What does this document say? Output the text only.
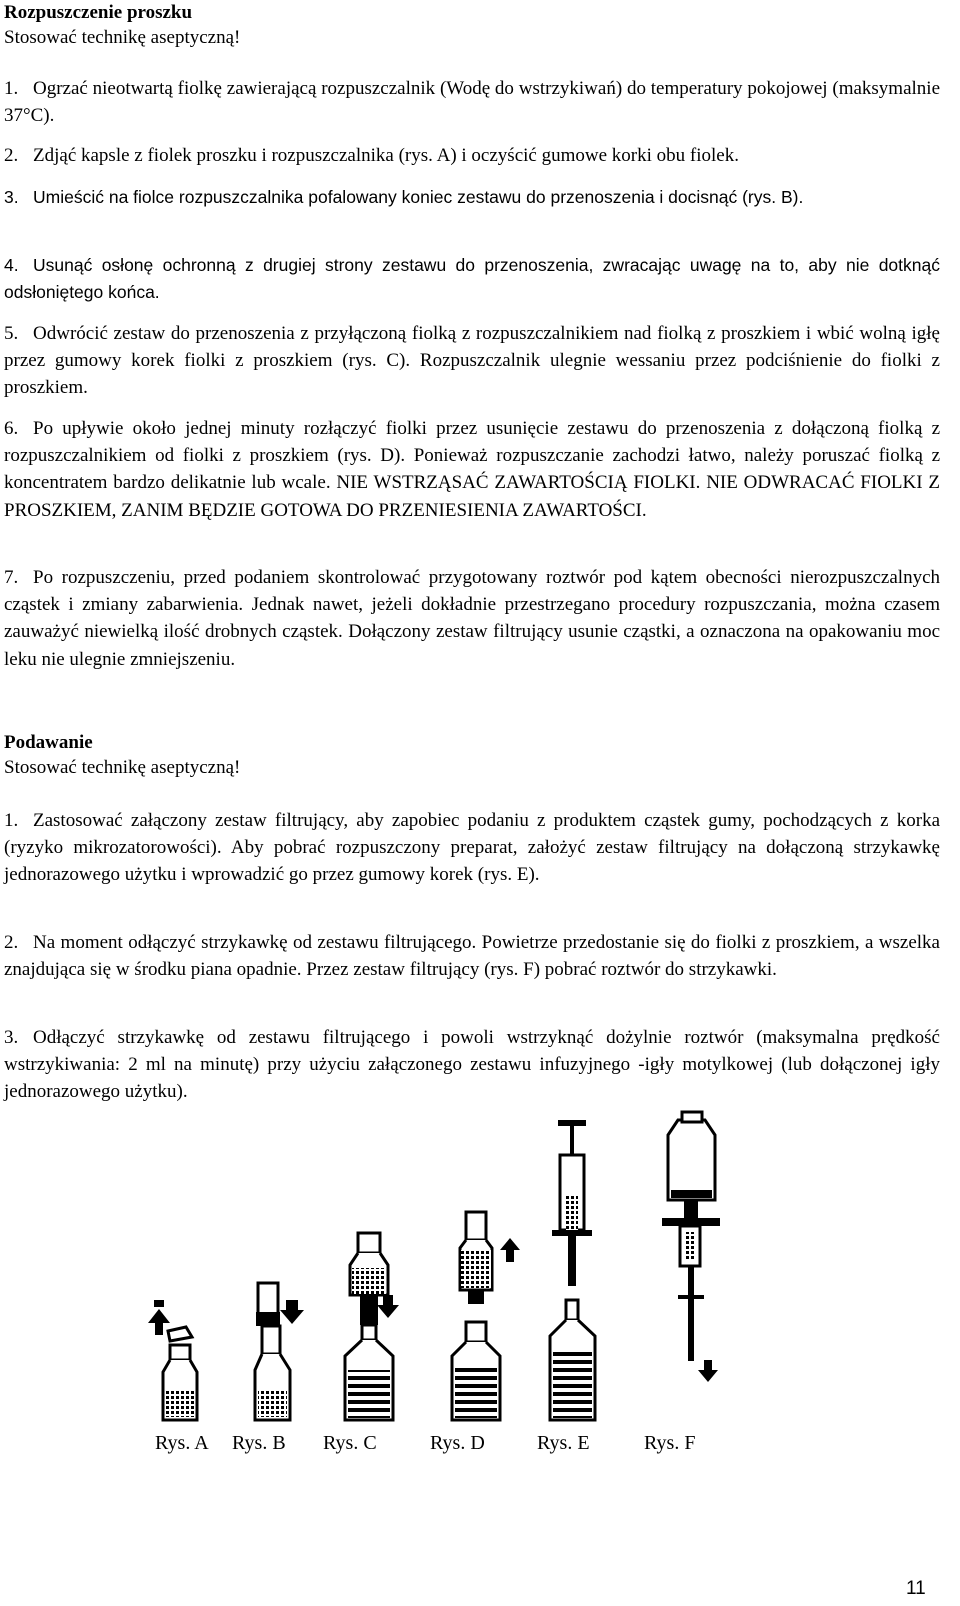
Rozpuszczenie proszku

Stosować technikę aseptyczną!

1. Ogrzać nieotwartą fiolkę zawierającą rozpuszczalnik (Wodę do wstrzykiwań) do temperatury pokojowej (maksymalnie 37°C).
2. Zdjąć kapsle z fiolek proszku i rozpuszczalnika (rys. A) i oczyścić gumowe korki obu fiolek.
3. Umieścić na fiolce rozpuszczalnika pofalowany koniec zestawu do przenoszenia i docisnąć (rys. B).
4. Usunąć osłonę ochronną z drugiej strony zestawu do przenoszenia, zwracając uwagę na to, aby nie dotknąć odsłoniętego końca.
5. Odwrócić zestaw do przenoszenia z przyłączoną fiolką z rozpuszczalnikiem nad fiolką z proszkiem i wbić wolną igłę przez gumowy korek fiolki z proszkiem (rys. C). Rozpuszczalnik ulegnie wessaniu przez podciśnienie do fiolki z proszkiem.
6. Po upływie około jednej minuty rozłączyć fiolki przez usunięcie zestawu do przenoszenia z dołączoną fiolką z rozpuszczalnikiem od fiolki z proszkiem (rys. D). Ponieważ rozpuszczanie zachodzi łatwo, należy poruszać fiolką z koncentratem bardzo delikatnie lub wcale. NIE WSTRZĄSAĆ ZAWARTOŚCIĄ FIOLKI. NIE ODWRACAĆ FIOLKI Z PROSZKIEM, ZANIM BĘDZIE GOTOWA DO PRZENIESIENIA ZAWARTOŚCI.
7. Po rozpuszczeniu, przed podaniem skontrolować przygotowany roztwór pod kątem obecności nierozpuszczalnych cząstek i zmiany zabarwienia. Jednak nawet, jeżeli dokładnie przestrzegano procedury rozpuszczania, można czasem zauważyć niewielką ilość drobnych cząstek. Dołączony zestaw filtrujący usunie cząstki, a oznaczona na opakowaniu moc leku nie ulegnie zmniejszeniu.

Podawanie

Stosować technikę aseptyczną!

1. Zastosować załączony zestaw filtrujący, aby zapobiec podaniu z produktem cząstek gumy, pochodzących z korka (ryzyko mikrozatorowości). Aby pobrać rozpuszczony preparat, założyć zestaw filtrujący na dołączoną strzykawkę jednorazowego użytku i wprowadzić go przez gumowy korek (rys. E).
2. Na moment odłączyć strzykawkę od zestawu filtrującego. Powietrze przedostanie się do fiolki z proszkiem, a wszelka znajdująca się w środku piana opadnie. Przez zestaw filtrujący (rys. F) pobrać roztwór do strzykawki.
3. Odłączyć strzykawkę od zestawu filtrującego i powoli wstrzyknąć dożylnie roztwór (maksymalna prędkość wstrzykiwania: 2 ml na minutę) przy użyciu załączonego zestawu infuzyjnego -igły motylkowej (lub dołączonej igły jednorazowego użytku).
Rys. A Rys. B Rys. C	Rys. D	Rys. E	Rys. F
11
